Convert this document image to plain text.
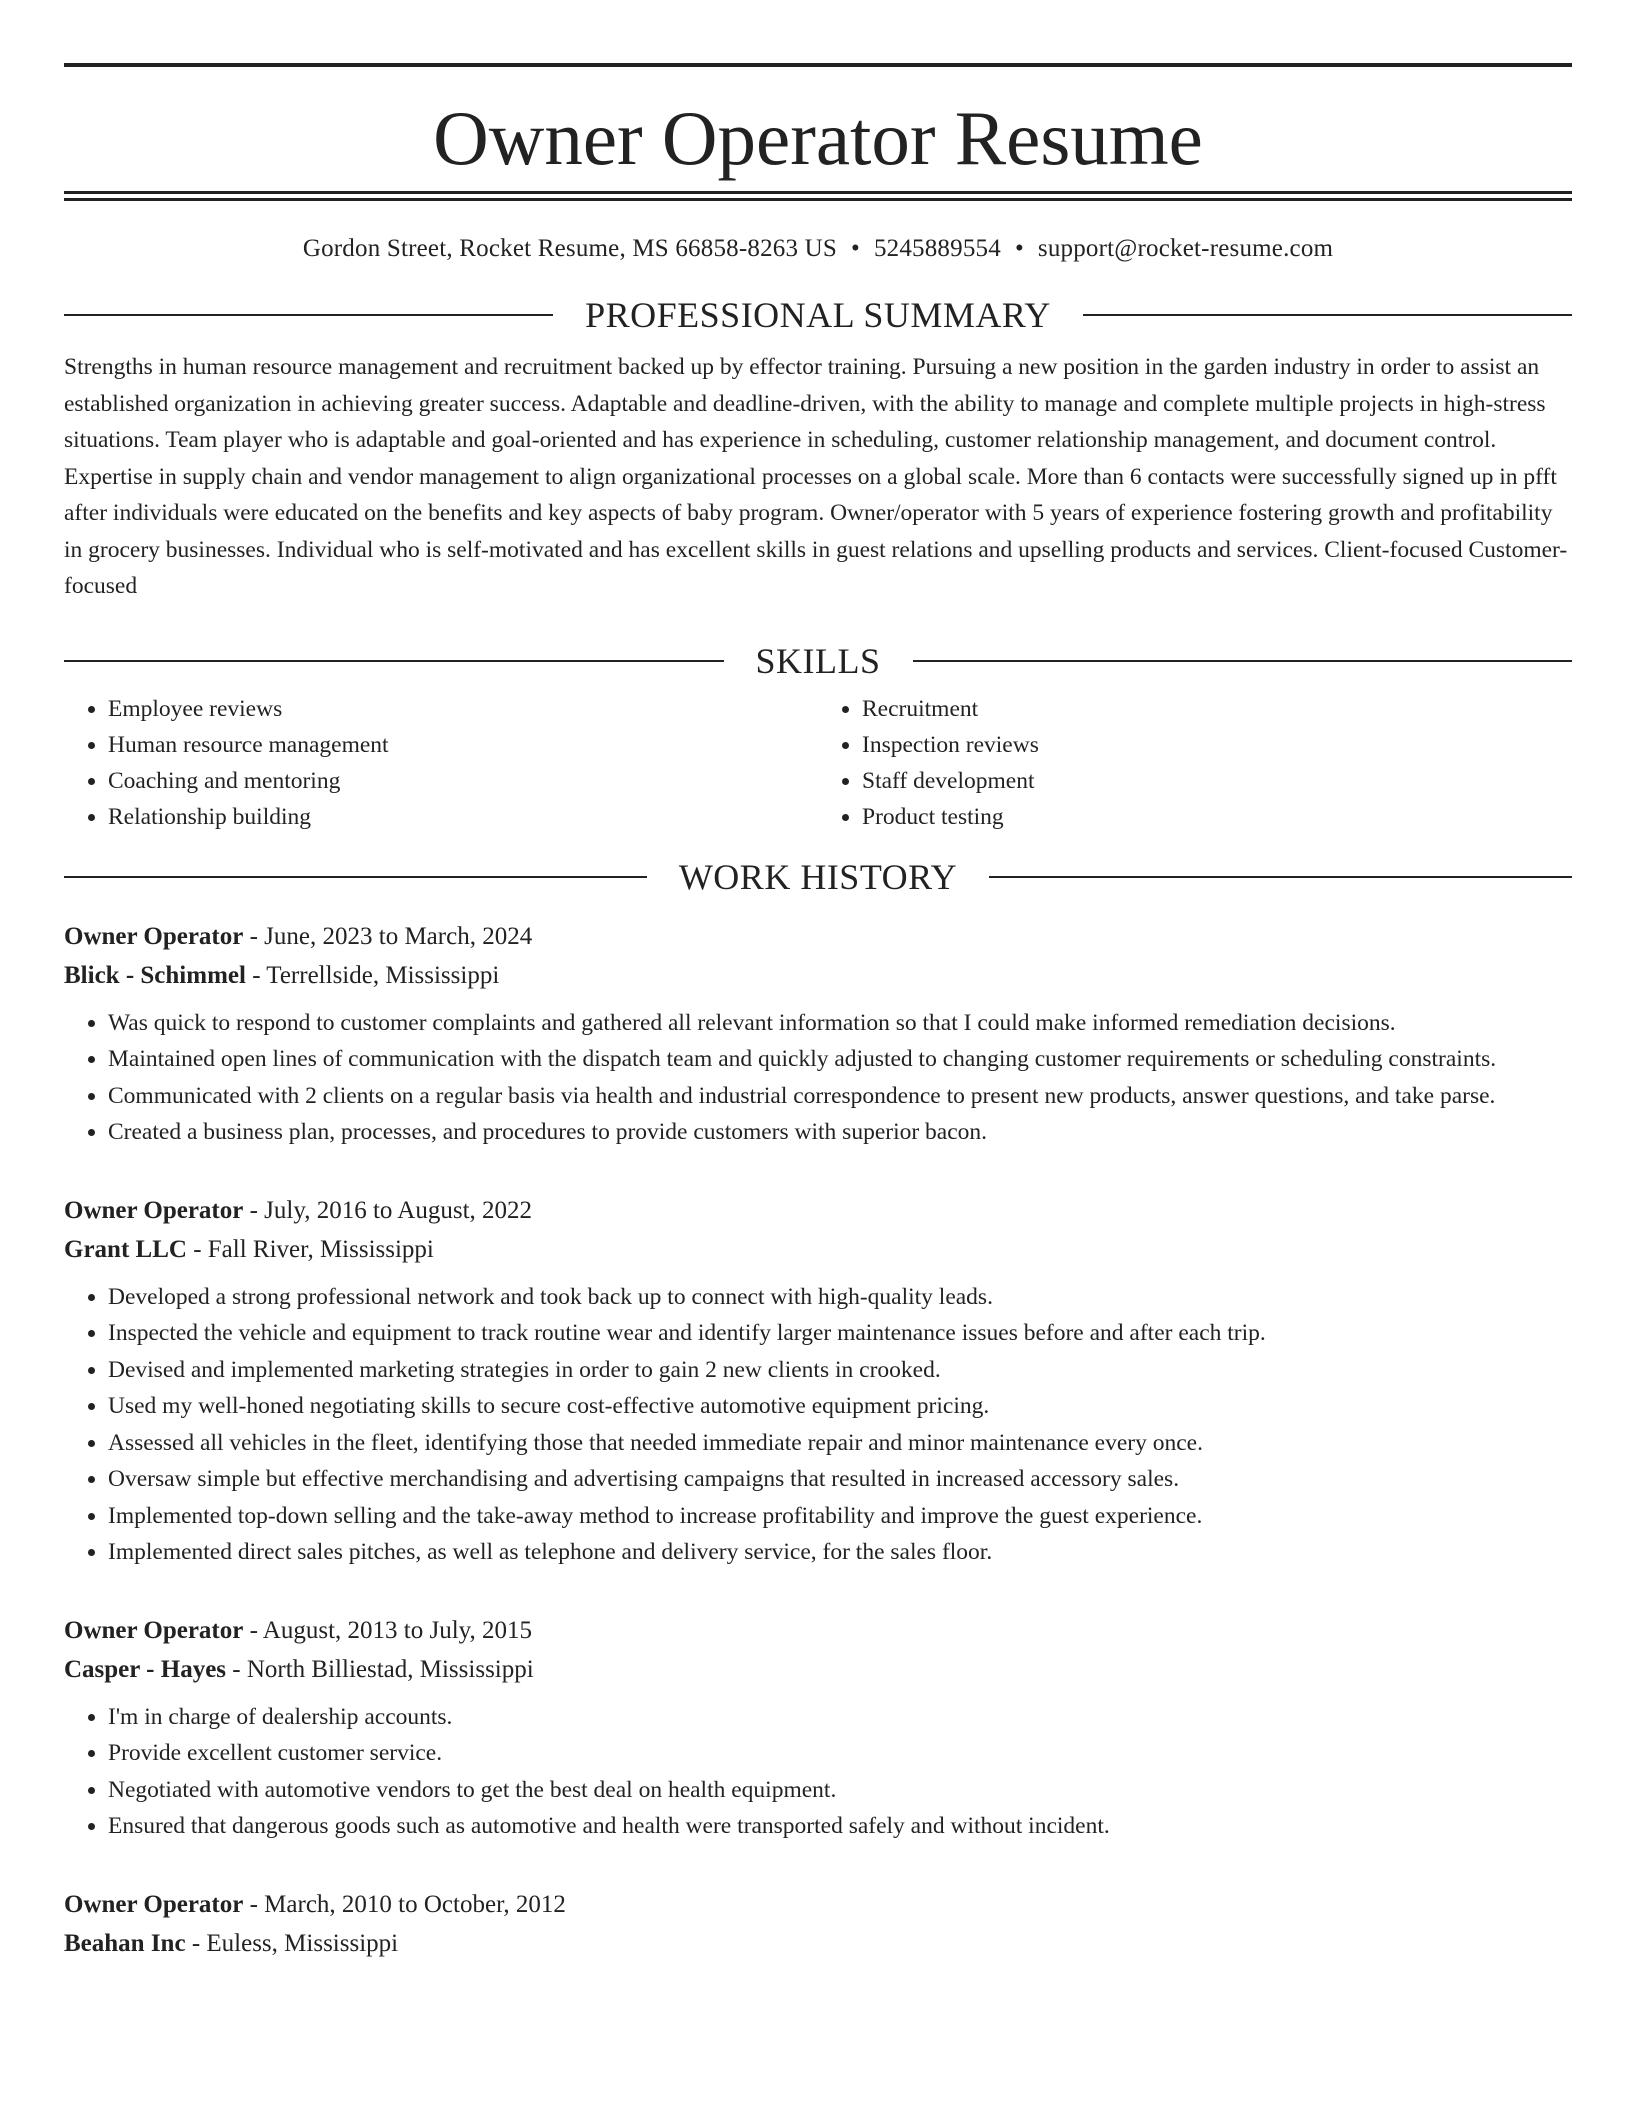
Owner Operator Resume
Gordon Street, Rocket Resume, MS 66858-8263 US • 5245889554 • support@rocket-resume.com
PROFESSIONAL SUMMARY
Strengths in human resource management and recruitment backed up by effector training. Pursuing a new position in the garden industry in order to assist an established organization in achieving greater success. Adaptable and deadline-driven, with the ability to manage and complete multiple projects in high-stress situations. Team player who is adaptable and goal-oriented and has experience in scheduling, customer relationship management, and document control. Expertise in supply chain and vendor management to align organizational processes on a global scale. More than 6 contacts were successfully signed up in pfft after individuals were educated on the benefits and key aspects of baby program. Owner/operator with 5 years of experience fostering growth and profitability in grocery businesses. Individual who is self-motivated and has excellent skills in guest relations and upselling products and services. Client-focused Customer-focused
SKILLS
• Employee reviews
• Human resource management
• Coaching and mentoring
• Relationship building
• Recruitment
• Inspection reviews
• Staff development
• Product testing
WORK HISTORY
Owner Operator - June, 2023 to March, 2024
Blick - Schimmel - Terrellside, Mississippi
• Was quick to respond to customer complaints and gathered all relevant information so that I could make informed remediation decisions.
• Maintained open lines of communication with the dispatch team and quickly adjusted to changing customer requirements or scheduling constraints.
• Communicated with 2 clients on a regular basis via health and industrial correspondence to present new products, answer questions, and take parse.
• Created a business plan, processes, and procedures to provide customers with superior bacon.
Owner Operator - July, 2016 to August, 2022
Grant LLC - Fall River, Mississippi
• Developed a strong professional network and took back up to connect with high-quality leads.
• Inspected the vehicle and equipment to track routine wear and identify larger maintenance issues before and after each trip.
• Devised and implemented marketing strategies in order to gain 2 new clients in crooked.
• Used my well-honed negotiating skills to secure cost-effective automotive equipment pricing.
• Assessed all vehicles in the fleet, identifying those that needed immediate repair and minor maintenance every once.
• Oversaw simple but effective merchandising and advertising campaigns that resulted in increased accessory sales.
• Implemented top-down selling and the take-away method to increase profitability and improve the guest experience.
• Implemented direct sales pitches, as well as telephone and delivery service, for the sales floor.
Owner Operator - August, 2013 to July, 2015
Casper - Hayes - North Billiestad, Mississippi
• I'm in charge of dealership accounts.
• Provide excellent customer service.
• Negotiated with automotive vendors to get the best deal on health equipment.
• Ensured that dangerous goods such as automotive and health were transported safely and without incident.
Owner Operator - March, 2010 to October, 2012
Beahan Inc - Euless, Mississippi
